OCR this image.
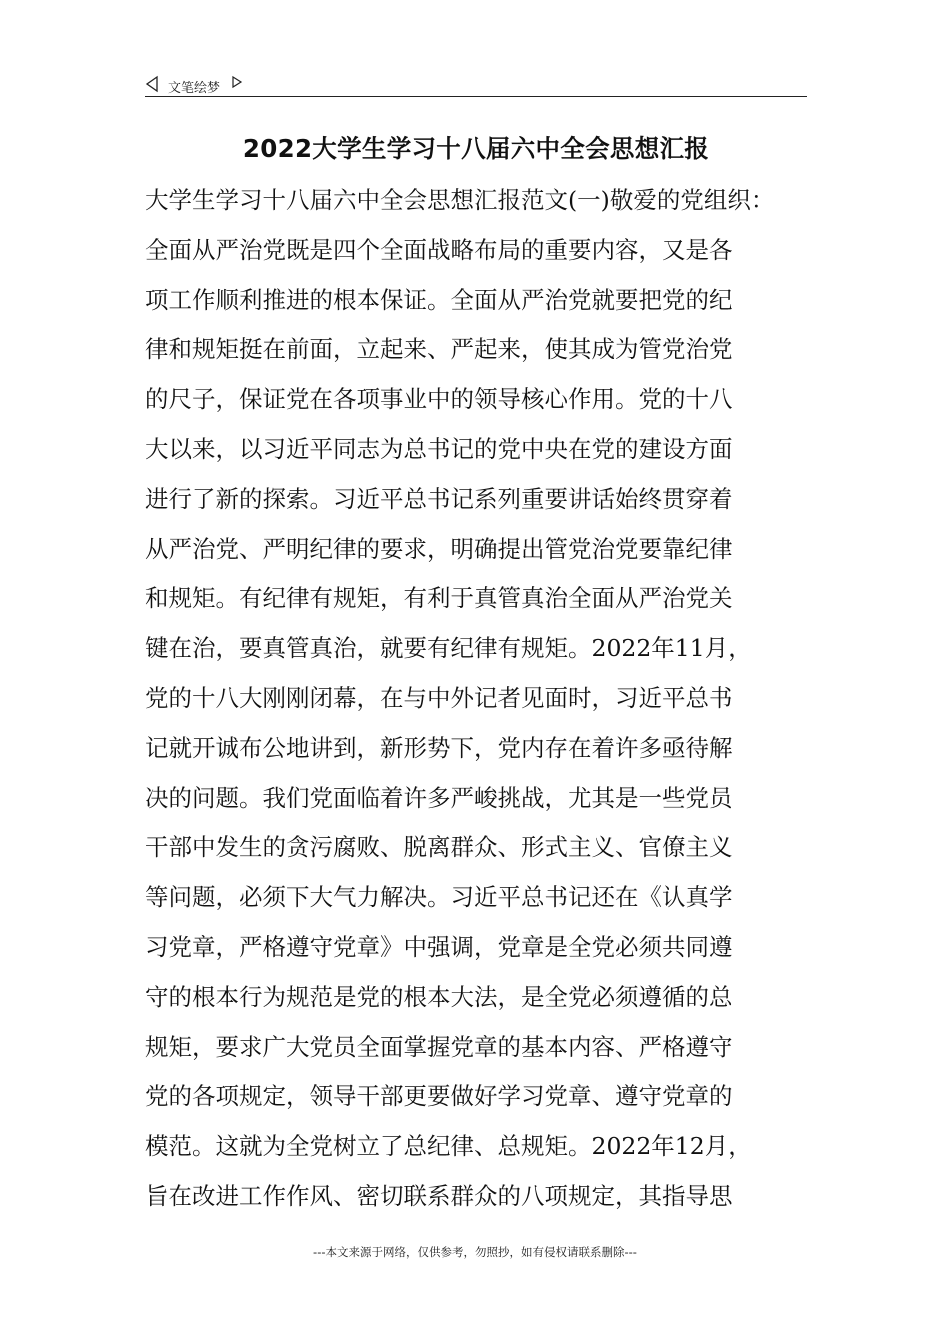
文笔绘梦
2022大学生学习十八届六中全会思想汇报
大学生学习十八届六中全会思想汇报范文(一)敬爱的党组织：
全面从严治党既是四个全面战略布局的重要内容，又是各
项工作顺利推进的根本保证。全面从严治党就要把党的纪
律和规矩挺在前面，立起来、严起来，使其成为管党治党
的尺子，保证党在各项事业中的领导核心作用。党的十八
大以来，以习近平同志为总书记的党中央在党的建设方面
进行了新的探索。习近平总书记系列重要讲话始终贯穿着
从严治党、严明纪律的要求，明确提出管党治党要靠纪律
和规矩。有纪律有规矩，有利于真管真治全面从严治党关
键在治，要真管真治，就要有纪律有规矩。2022年11月，
党的十八大刚刚闭幕，在与中外记者见面时，习近平总书
记就开诚布公地讲到，新形势下，党内存在着许多亟待解
决的问题。我们党面临着许多严峻挑战，尤其是一些党员
干部中发生的贪污腐败、脱离群众、形式主义、官僚主义
等问题，必须下大气力解决。习近平总书记还在《认真学
习党章，严格遵守党章》中强调，党章是全党必须共同遵
守的根本行为规范是党的根本大法，是全党必须遵循的总
规矩，要求广大党员全面掌握党章的基本内容、严格遵守
党的各项规定，领导干部更要做好学习党章、遵守党章的
模范。这就为全党树立了总纪律、总规矩。2022年12月，
旨在改进工作作风、密切联系群众的八项规定，其指导思
---本文来源于网络，仅供参考，勿照抄，如有侵权请联系删除---
